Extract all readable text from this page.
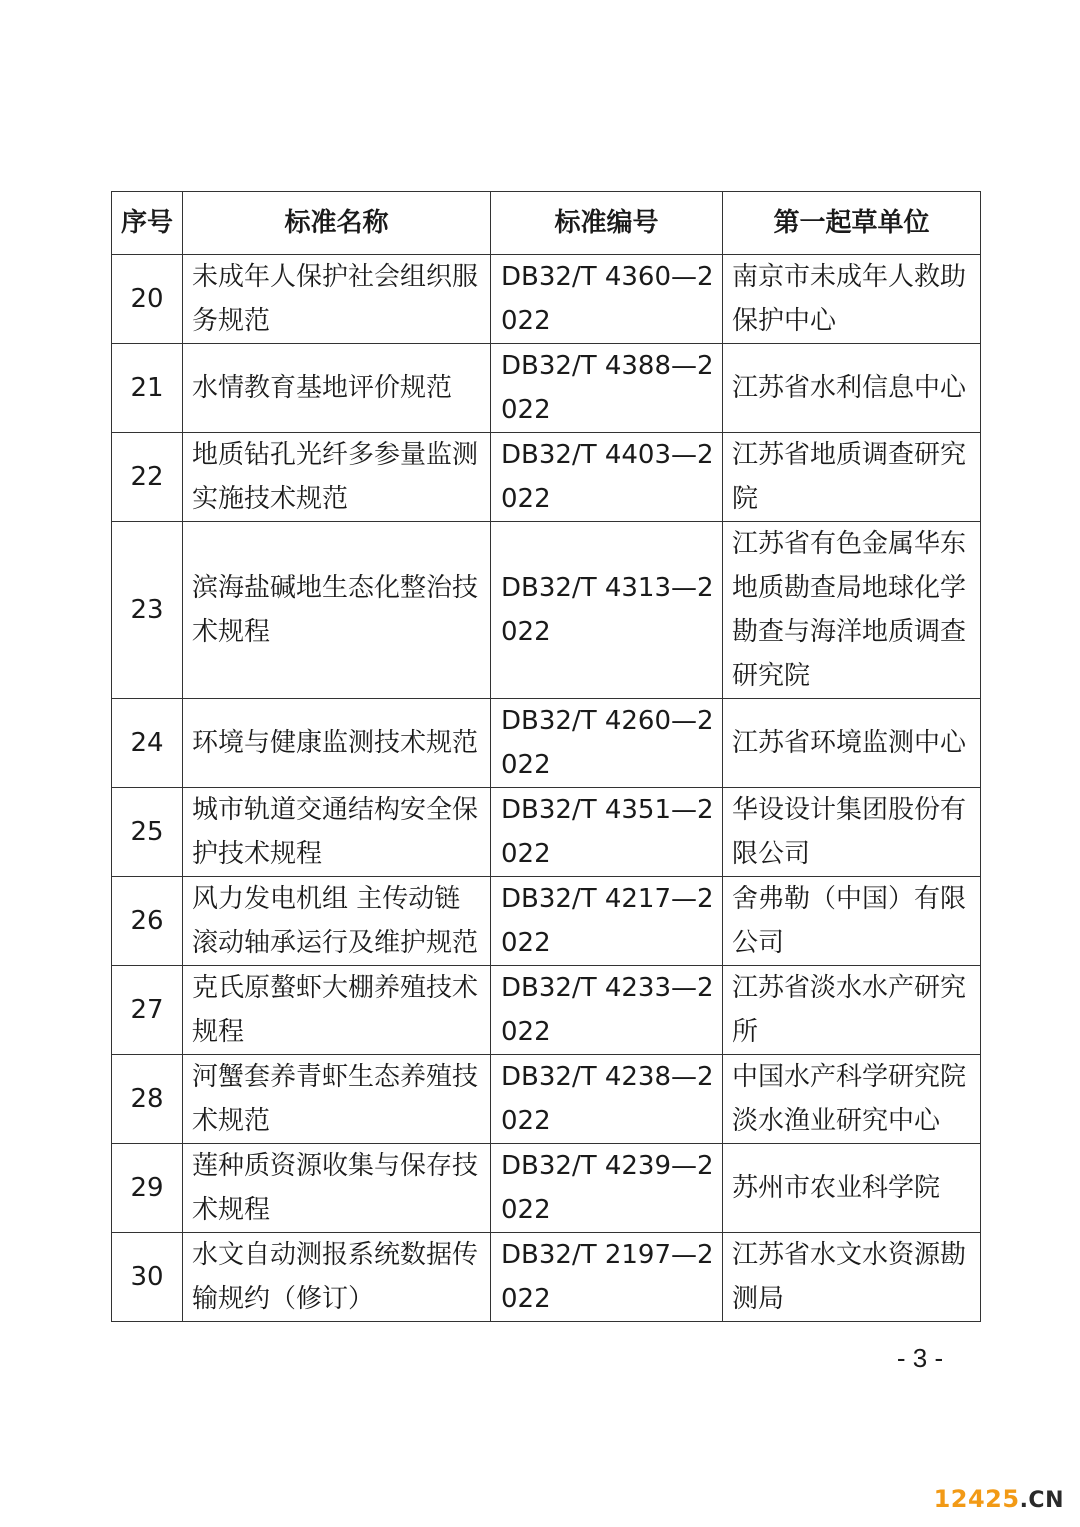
序号	标准名称	标准编号	第一起草单位
20	未成年人保护社会组织服务规范	DB32/T 4360—2022	南京市未成年人救助保护中心
21	水情教育基地评价规范	DB32/T 4388—2022	江苏省水利信息中心
22	地质钻孔光纤多参量监测实施技术规范	DB32/T 4403—2022	江苏省地质调查研究院
23	滨海盐碱地生态化整治技术规程	DB32/T 4313—2022	江苏省有色金属华东地质勘查局地球化学勘查与海洋地质调查研究院
24	环境与健康监测技术规范	DB32/T 4260—2022	江苏省环境监测中心
25	城市轨道交通结构安全保护技术规程	DB32/T 4351—2022	华设设计集团股份有限公司
26	风力发电机组 主传动链滚动轴承运行及维护规范	DB32/T 4217—2022	舍弗勒（中国）有限公司
27	克氏原螯虾大棚养殖技术规程	DB32/T 4233—2022	江苏省淡水水产研究所
28	河蟹套养青虾生态养殖技术规范	DB32/T 4238—2022	中国水产科学研究院淡水渔业研究中心
29	莲种质资源收集与保存技术规程	DB32/T 4239—2022	苏州市农业科学院
30	水文自动测报系统数据传输规约（修订）	DB32/T 2197—2022	江苏省水文水资源勘测局
- 3 -
12425.CN
